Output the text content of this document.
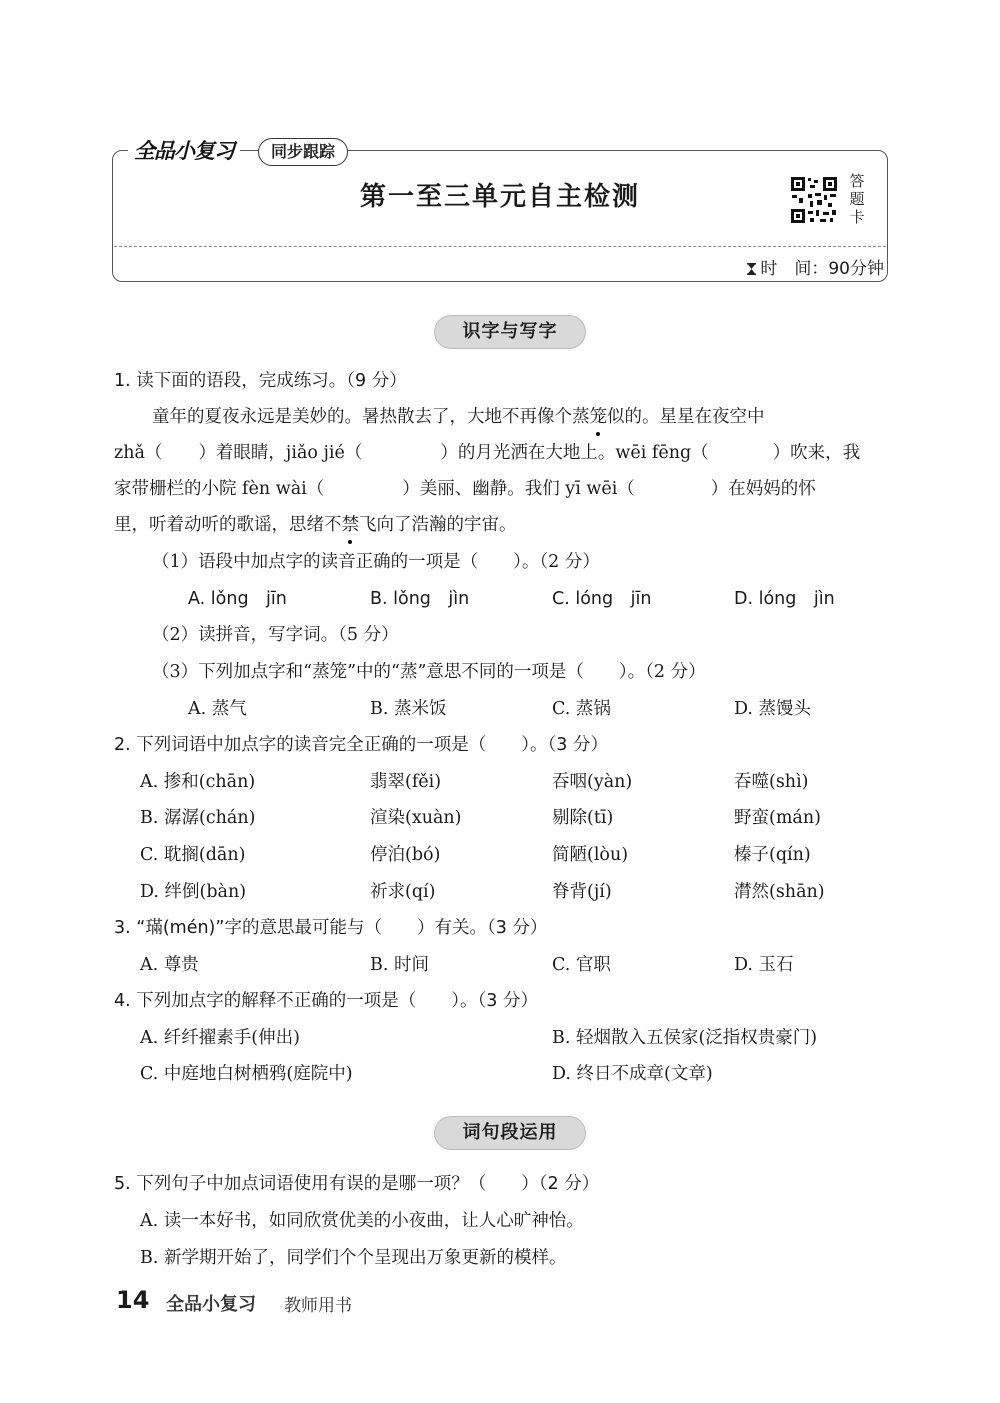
全品小复习	同步跟踪
第一至三单元自主检测
答题卡
时　间：90分钟
识字与写字
1. 读下面的语段，完成练习。（9 分）
童年的夏夜永远是美妙的。暑热散去了，大地不再像个蒸笼似的。星星在夜空中
zhǎ（ ）着眼睛，jiǎo jié（	）的月光洒在大地上。wēi fēng（	）吹来，我
家带栅栏的小院 fèn wài（	）美丽、幽静。我们 yī wēi（	）在妈妈的怀
里，听着动听的歌谣，思绪不禁飞向了浩瀚的宇宙。
（1）语段中加点字的读音正确的一项是（　　）。（2 分）
A. lǒng　jīn	B. lǒng　jìn	C. lóng　jīn	D. lóng　jìn
（2）读拼音，写字词。（5 分）
（3）下列加点字和“蒸笼”中的“蒸”意思不同的一项是（　　）。（2 分）
A. 蒸气	B. 蒸米饭	C. 蒸锅	D. 蒸馒头
2. 下列词语中加点字的读音完全正确的一项是（　　）。（3 分）
A. 掺和(chān)	翡翠(fěi)	吞咽(yàn)	吞噬(shì)
B. 潺潺(chán)	渲染(xuàn)	剔除(tī)	野蛮(mán)
C. 耽搁(dān)	停泊(bó)	简陋(lòu)	榛子(qín)
D. 绊倒(bàn)	祈求(qí)	脊背(jí)	潸然(shān)
3. “璊(mén)”字的意思最可能与（　　）有关。（3 分）
A. 尊贵	B. 时间	C. 官职	D. 玉石
4. 下列加点字的解释不正确的一项是（　　）。（3 分）
A. 纤纤擢素手(伸出)	B. 轻烟散入五侯家(泛指权贵豪门)
C. 中庭地白树栖鸦(庭院中)	D. 终日不成章(文章)
词句段运用
5. 下列句子中加点词语使用有误的是哪一项？（　　）（2 分）
A. 读一本好书，如同欣赏优美的小夜曲，让人心旷神怡。
B. 新学期开始了，同学们个个呈现出万象更新的模样。
14 全品小复习 教师用书
